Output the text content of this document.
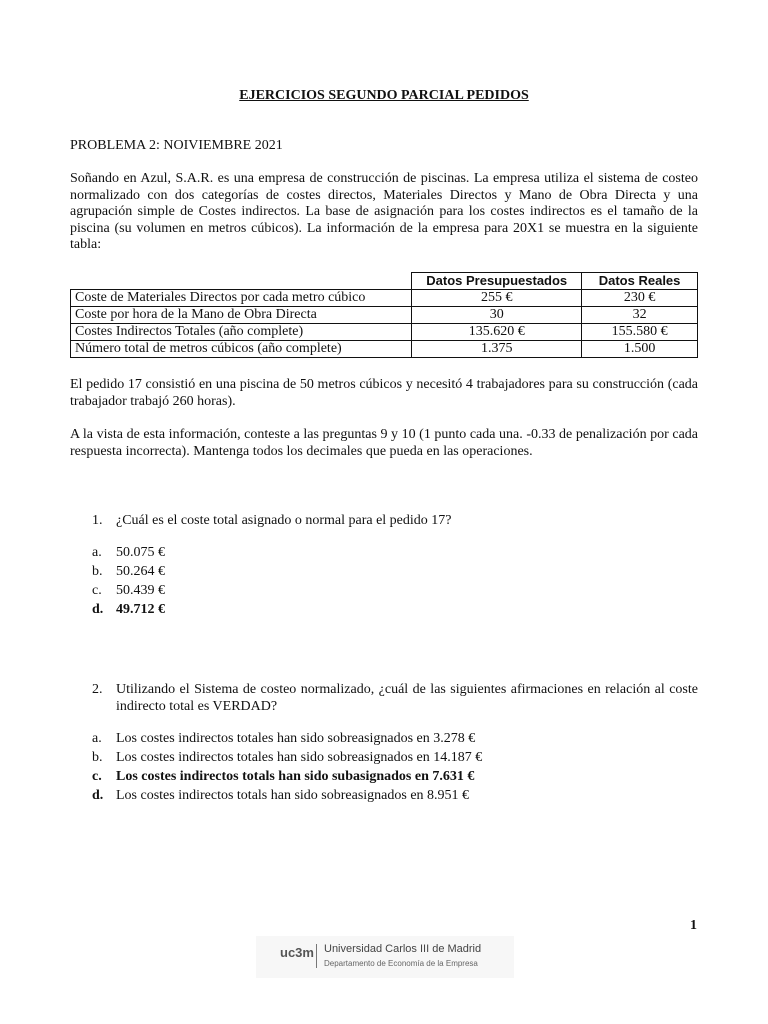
EJERCICIOS SEGUNDO PARCIAL PEDIDOS
PROBLEMA 2: NOIVIEMBRE 2021
Soñando en Azul, S.A.R. es una empresa de construcción de piscinas. La empresa utiliza el sistema de costeo normalizado con dos categorías de costes directos, Materiales Directos y Mano de Obra Directa y una agrupación simple de Costes indirectos. La base de asignación para los costes indirectos es el tamaño de la piscina (su volumen en metros cúbicos). La información de la empresa para 20X1 se muestra en la siguiente tabla:
	Datos Presupuestados	Datos Reales
Coste de Materiales Directos por cada metro cúbico	255 €	230 €
Coste por hora de la Mano de Obra Directa	30	32
Costes Indirectos Totales (año complete)	135.620 €	155.580 €
Número total de metros cúbicos (año complete)	1.375	1.500
El pedido 17 consistió en una piscina de 50 metros cúbicos y necesitó 4 trabajadores para su construcción (cada trabajador trabajó 260 horas).
A la vista de esta información, conteste a las preguntas 9 y 10 (1 punto cada una. -0.33 de penalización por cada respuesta incorrecta). Mantenga todos los decimales que pueda en las operaciones.
1. ¿Cuál es el coste total asignado o normal para el pedido 17?
a. 50.075 €
b. 50.264 €
c. 50.439 €
d. 49.712 €
2. Utilizando el Sistema de costeo normalizado, ¿cuál de las siguientes afirmaciones en relación al coste indirecto total es VERDAD?
a. Los costes indirectos totales han sido sobreasignados en 3.278 €
b. Los costes indirectos totales han sido sobreasignados en 14.187 €
c. Los costes indirectos totals han sido subasignados en 7.631 €
d. Los costes indirectos totals han sido sobreasignados en 8.951 €
1
uc3m Universidad Carlos III de Madrid
Departamento de Economía de la Empresa
